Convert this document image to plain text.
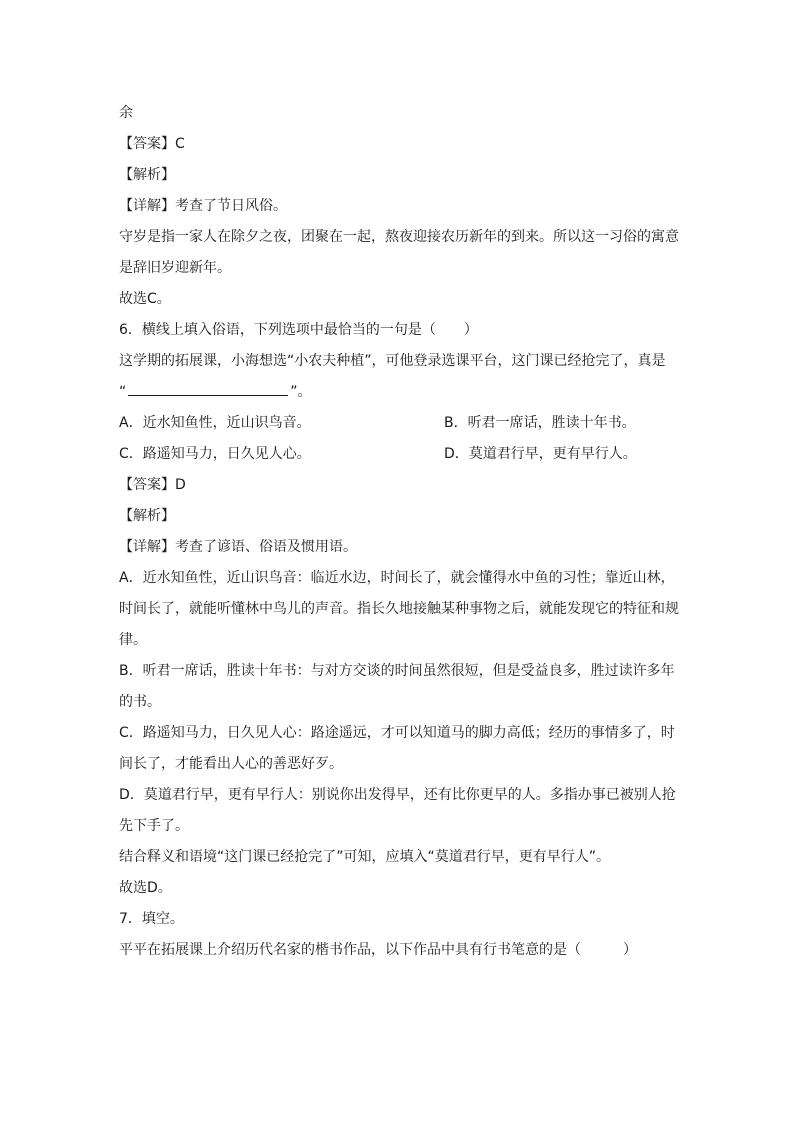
余
【答案】C
【解析】
【详解】考查了节日风俗。
守岁是指一家人在除夕之夜，团聚在一起，熬夜迎接农历新年的到来。所以这一习俗的寓意
是辞旧岁迎新年。
故选C。
6．横线上填入俗语，下列选项中最恰当的一句是（　　）
这学期的拓展课，小海想选“小农夫种植”，可他登录选课平台，这门课已经抢完了，真是
“	”。
A．近水知鱼性，近山识鸟音。	B．听君一席话，胜读十年书。
C．路遥知马力，日久见人心。	D．莫道君行早，更有早行人。
【答案】D
【解析】
【详解】考查了谚语、俗语及惯用语。
A．近水知鱼性，近山识鸟音：临近水边，时间长了，就会懂得水中鱼的习性；靠近山林，
时间长了，就能听懂林中鸟儿的声音。指长久地接触某种事物之后，就能发现它的特征和规
律。
B．听君一席话，胜读十年书：与对方交谈的时间虽然很短，但是受益良多，胜过读许多年
的书。
C．路遥知马力，日久见人心：路途遥远，才可以知道马的脚力高低；经历的事情多了，时
间长了，才能看出人心的善恶好歹。
D．莫道君行早，更有早行人：别说你出发得早，还有比你更早的人。多指办事已被别人抢
先下手了。
结合释义和语境“这门课已经抢完了”可知，应填入“莫道君行早，更有早行人”。
故选D。
7．填空。
平平在拓展课上介绍历代名家的楷书作品，以下作品中具有行书笔意的是（　　　）
